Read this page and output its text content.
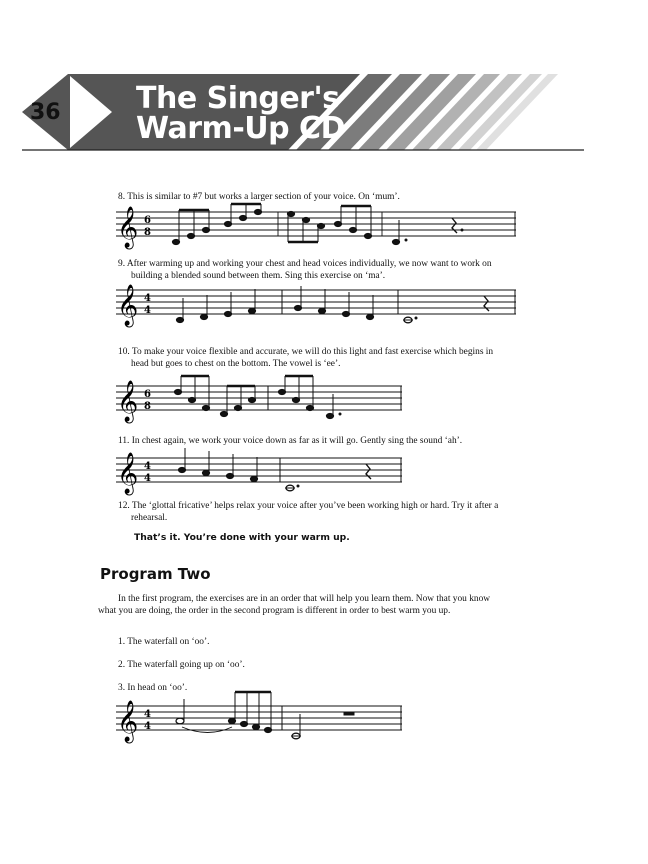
36	The Singer's
Warm-Up CD

8. This is similar to #7 but works a larger section of your voice. On ‘mum’.

𝄞 6
8

9. After warming up and working your chest and head voices individually, we now want to work on

building a blended sound between them. Sing this exercise on ‘ma’.

𝄞 4
4

10. To make your voice flexible and accurate, we will do this light and fast exercise which begins in

head but goes to chest on the bottom. The vowel is ‘ee’.

𝄞 6
8

11. In chest again, we work your voice down as far as it will go. Gently sing the sound ‘ah’.

𝄞 4
4

12. The ‘glottal fricative’ helps relax your voice after you’ve been working high or hard. Try it after a

rehearsal.

That’s it. You’re done with your warm up.

Program Two

In the first program, the exercises are in an order that will help you learn them. Now that you know

what you are doing, the order in the second program is different in order to best warm you up.

1. The waterfall on ‘oo’.

2. The waterfall going up on ‘oo’.

3. In head on ‘oo’.

𝄞 4
4
